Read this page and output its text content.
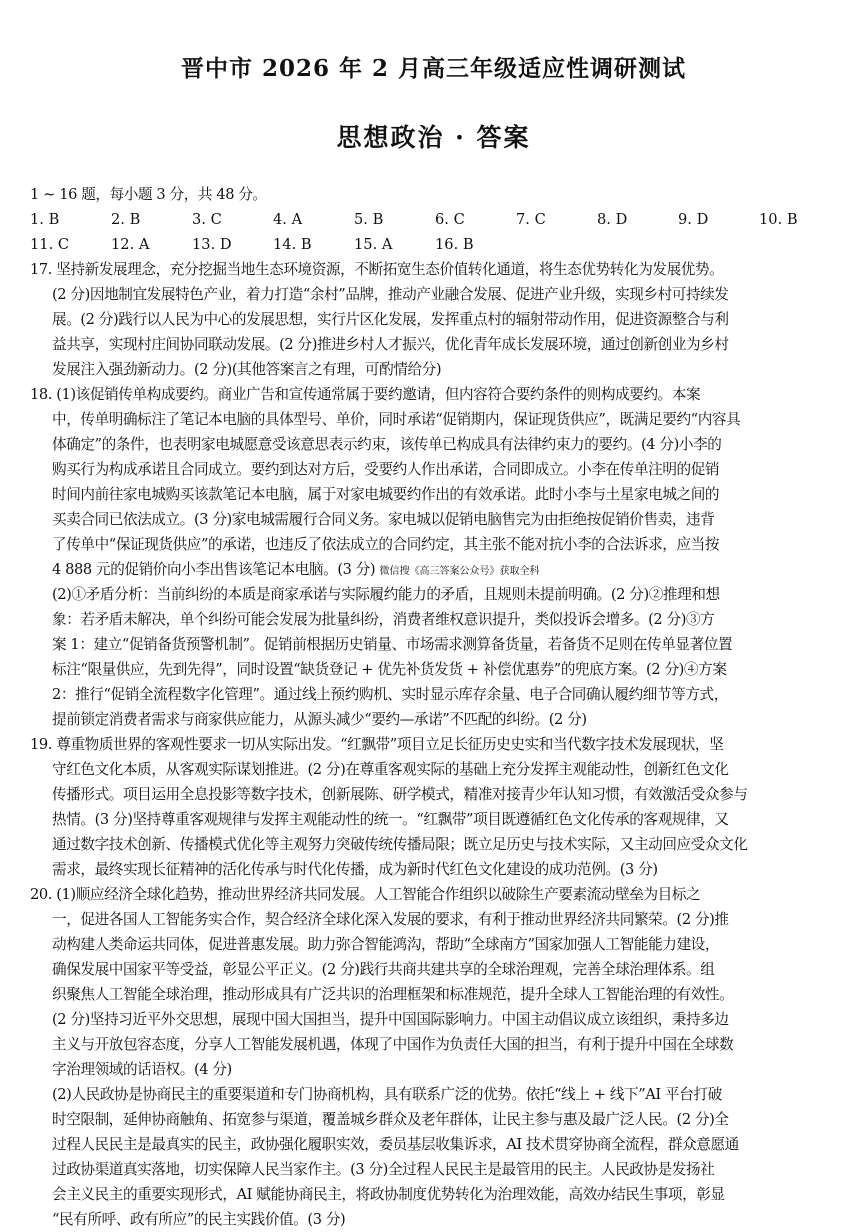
晋中市 2026 年 2 月高三年级适应性调研测试
思想政治 · 答案
1 ~ 16 题，每小题 3 分，共 48 分。
1. B	2. B	3. C	4. A	5. B	6. C	7. C	8. D	9. D	10. B
11. C	12. A	13. D	14. B	15. A	16. B
17. 坚持新发展理念，充分挖掘当地生态环境资源，不断拓宽生态价值转化通道，将生态优势转化为发展优势。
(2 分)因地制宜发展特色产业，着力打造“余村”品牌，推动产业融合发展、促进产业升级，实现乡村可持续发
展。(2 分)践行以人民为中心的发展思想，实行片区化发展，发挥重点村的辐射带动作用，促进资源整合与利
益共享，实现村庄间协同联动发展。(2 分)推进乡村人才振兴，优化青年成长发展环境，通过创新创业为乡村
发展注入强劲新动力。(2 分)(其他答案言之有理，可酌情给分)
18. (1)该促销传单构成要约。商业广告和宣传通常属于要约邀请，但内容符合要约条件的则构成要约。本案
中，传单明确标注了笔记本电脑的具体型号、单价，同时承诺“促销期内，保证现货供应”，既满足要约“内容具
体确定”的条件，也表明家电城愿意受该意思表示约束，该传单已构成具有法律约束力的要约。(4 分)小李的
购买行为构成承诺且合同成立。要约到达对方后，受要约人作出承诺，合同即成立。小李在传单注明的促销
时间内前往家电城购买该款笔记本电脑，属于对家电城要约作出的有效承诺。此时小李与土星家电城之间的
买卖合同已依法成立。(3 分)家电城需履行合同义务。家电城以促销电脑售完为由拒绝按促销价售卖，违背
了传单中“保证现货供应”的承诺，也违反了依法成立的合同约定，其主张不能对抗小李的合法诉求，应当按
4 888 元的促销价向小李出售该笔记本电脑。(3 分) 微信搜《高三答案公众号》获取全科
(2)①矛盾分析：当前纠纷的本质是商家承诺与实际履约能力的矛盾，且规则未提前明确。(2 分)②推理和想
象：若矛盾未解决，单个纠纷可能会发展为批量纠纷，消费者维权意识提升，类似投诉会增多。(2 分)③方
案 1：建立“促销备货预警机制”。促销前根据历史销量、市场需求测算备货量，若备货不足则在传单显著位置
标注“限量供应，先到先得”，同时设置“缺货登记 + 优先补货发货 + 补偿优惠券”的兜底方案。(2 分)④方案
2：推行“促销全流程数字化管理”。通过线上预约购机、实时显示库存余量、电子合同确认履约细节等方式，
提前锁定消费者需求与商家供应能力，从源头减少“要约—承诺”不匹配的纠纷。(2 分)
19. 尊重物质世界的客观性要求一切从实际出发。“红飘带”项目立足长征历史史实和当代数字技术发展现状，坚
守红色文化本质，从客观实际谋划推进。(2 分)在尊重客观实际的基础上充分发挥主观能动性，创新红色文化
传播形式。项目运用全息投影等数字技术，创新展陈、研学模式，精准对接青少年认知习惯，有效激活受众参与
热情。(3 分)坚持尊重客观规律与发挥主观能动性的统一。“红飘带”项目既遵循红色文化传承的客观规律，又
通过数字技术创新、传播模式优化等主观努力突破传统传播局限；既立足历史与技术实际，又主动回应受众文化
需求，最终实现长征精神的活化传承与时代化传播，成为新时代红色文化建设的成功范例。(3 分)
20. (1)顺应经济全球化趋势，推动世界经济共同发展。人工智能合作组织以破除生产要素流动壁垒为目标之
一，促进各国人工智能务实合作，契合经济全球化深入发展的要求，有利于推动世界经济共同繁荣。(2 分)推
动构建人类命运共同体，促进普惠发展。助力弥合智能鸿沟，帮助“全球南方”国家加强人工智能能力建设，
确保发展中国家平等受益，彰显公平正义。(2 分)践行共商共建共享的全球治理观，完善全球治理体系。组
织聚焦人工智能全球治理，推动形成具有广泛共识的治理框架和标准规范，提升全球人工智能治理的有效性。
(2 分)坚持习近平外交思想，展现中国大国担当，提升中国国际影响力。中国主动倡议成立该组织，秉持多边
主义与开放包容态度，分享人工智能发展机遇，体现了中国作为负责任大国的担当，有利于提升中国在全球数
字治理领域的话语权。(4 分)
(2)人民政协是协商民主的重要渠道和专门协商机构，具有联系广泛的优势。依托“线上 + 线下”AI 平台打破
时空限制，延伸协商触角、拓宽参与渠道，覆盖城乡群众及老年群体，让民主参与惠及最广泛人民。(2 分)全
过程人民民主是最真实的民主，政协强化履职实效，委员基层收集诉求，AI 技术贯穿协商全流程，群众意愿通
过政协渠道真实落地，切实保障人民当家作主。(3 分)全过程人民民主是最管用的民主。人民政协是发扬社
会主义民主的重要实现形式，AI 赋能协商民主，将政协制度优势转化为治理效能，高效办结民生事项，彰显
“民有所呼、政有所应”的民主实践价值。(3 分)
